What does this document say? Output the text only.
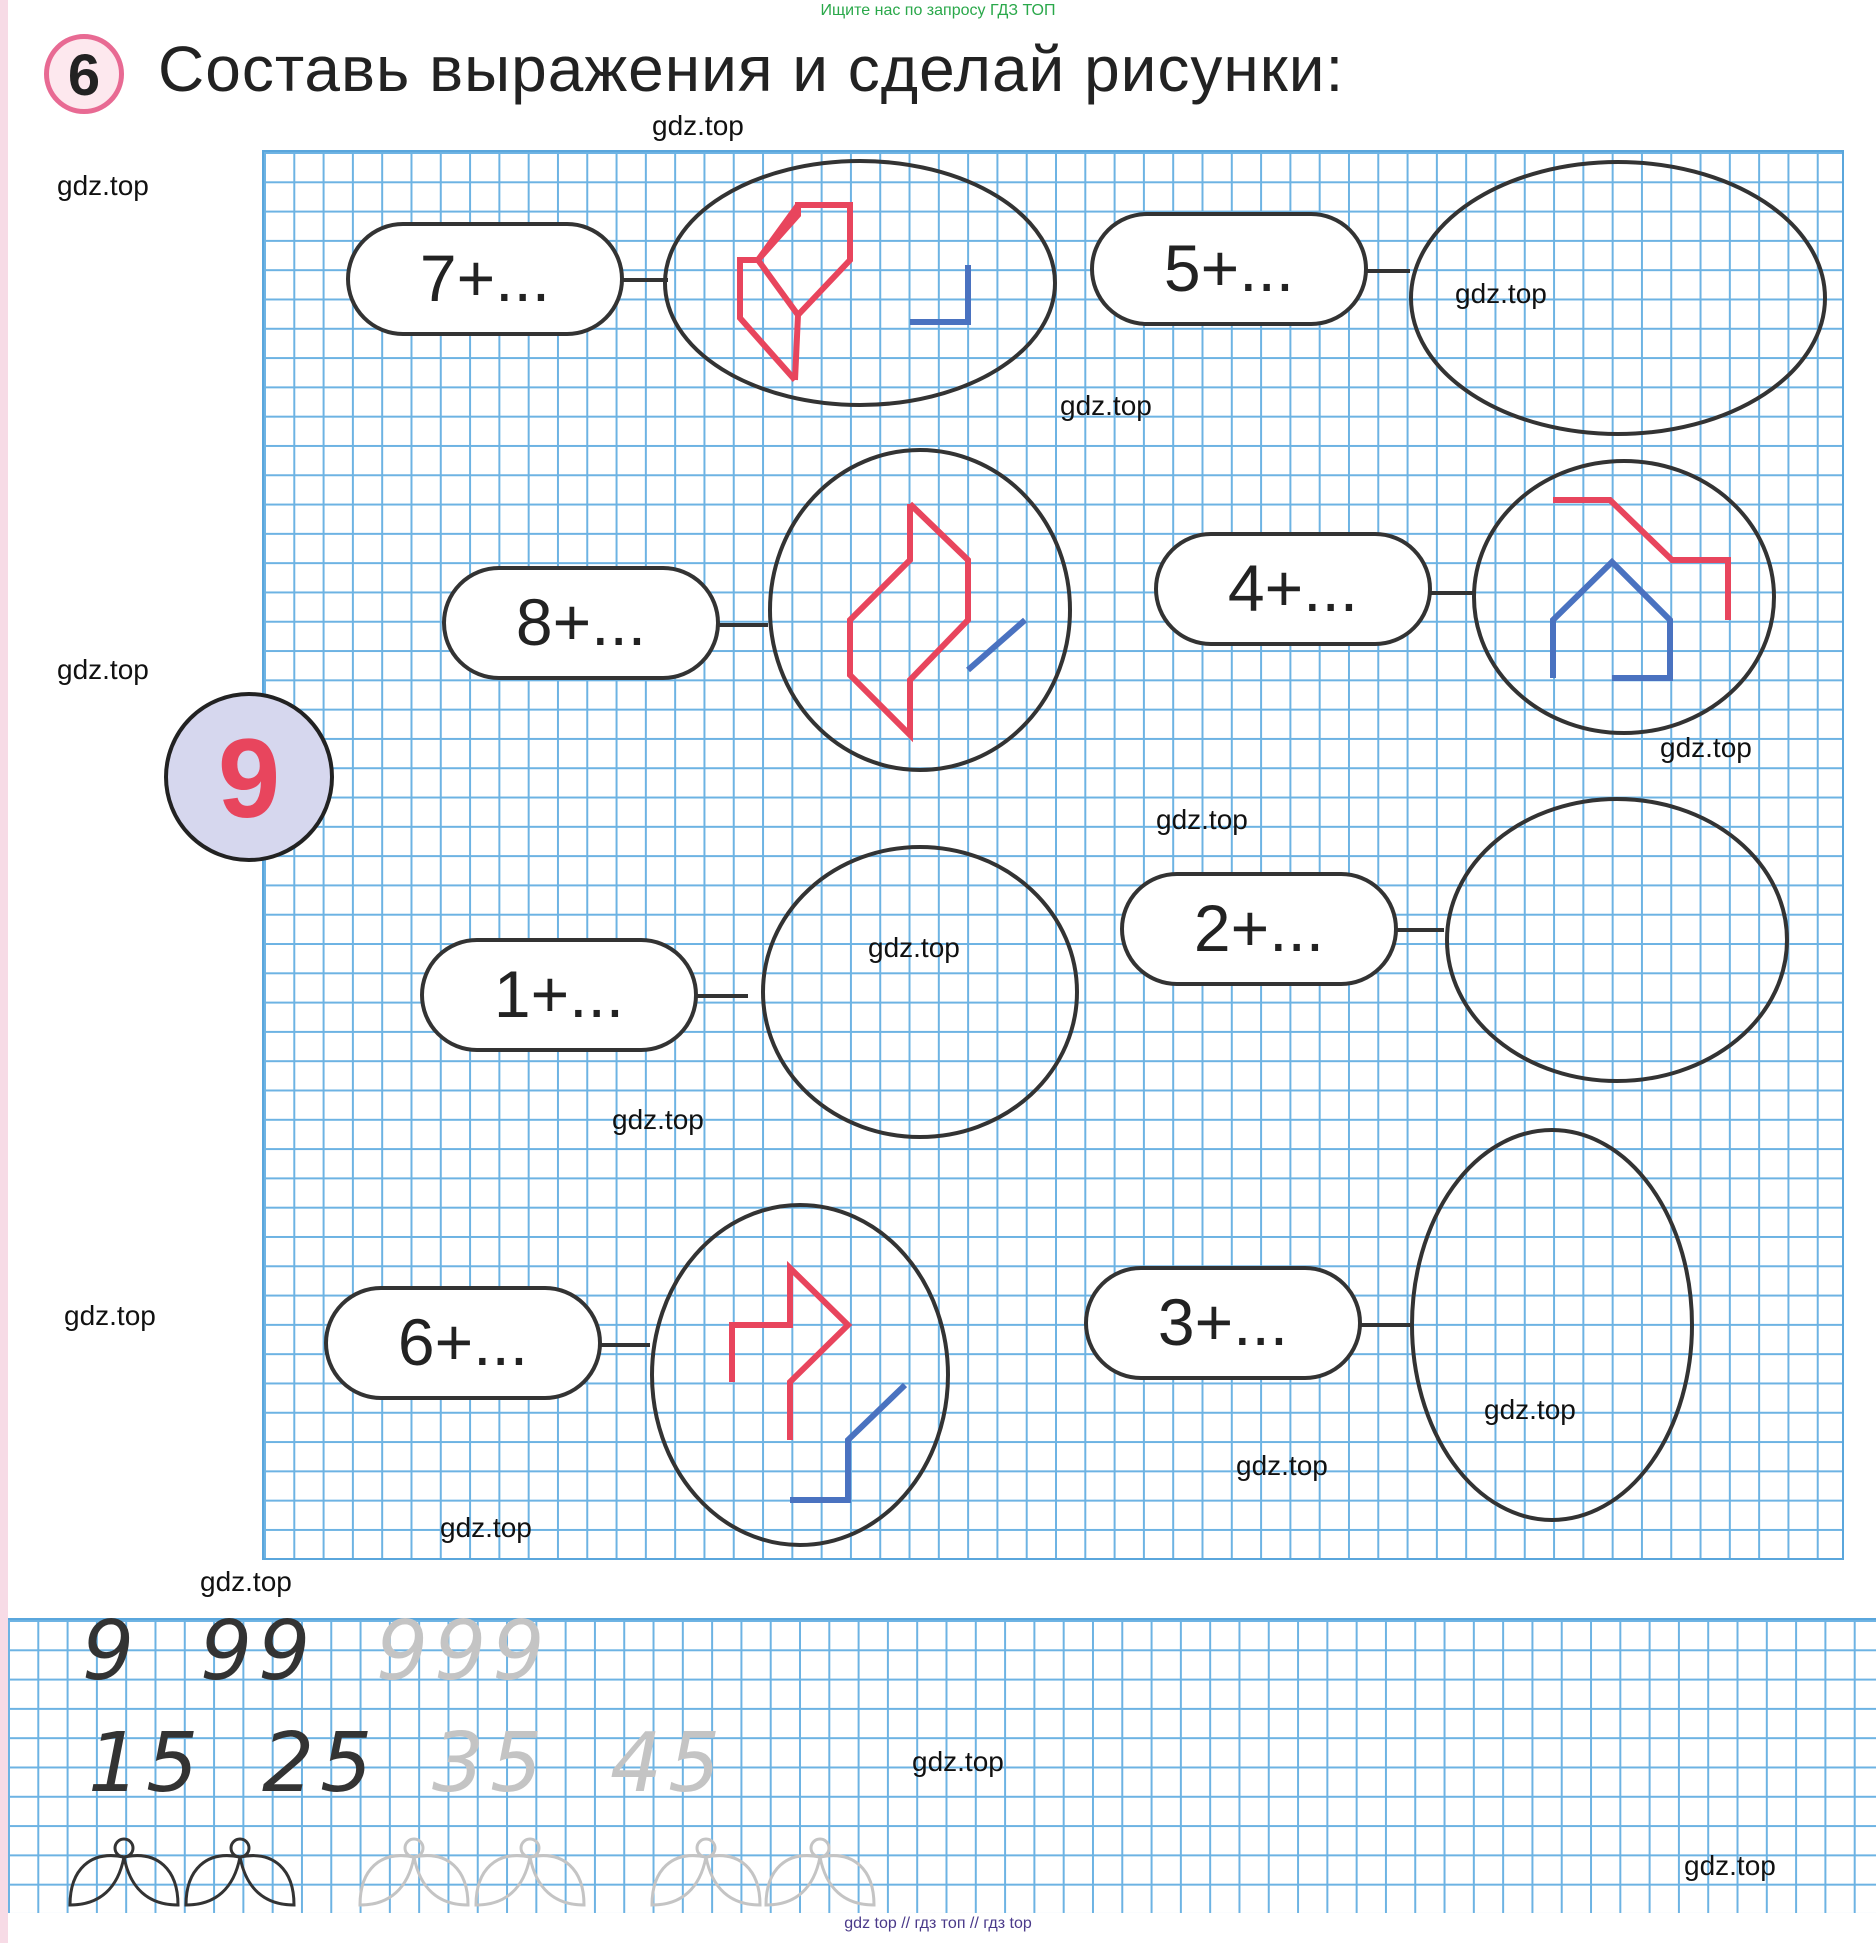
Ищите нас по запросу ГДЗ ТОП
6 Составь выражения и сделай рисунки:
9
7+...	5+...
8+...	4+...
1+...
2+...
6+...	3+...
9 99 999
15 25 35 45
gdz.top
gdz.top
gdz.top
gdz.top
gdz.top
gdz.top
gdz.top
gdz.top
gdz.top
gdz.top
gdz.top
gdz.top
gdz.top
gdz.top
gdz.top
gdz.top
gdz top // гдз топ // гдз top
